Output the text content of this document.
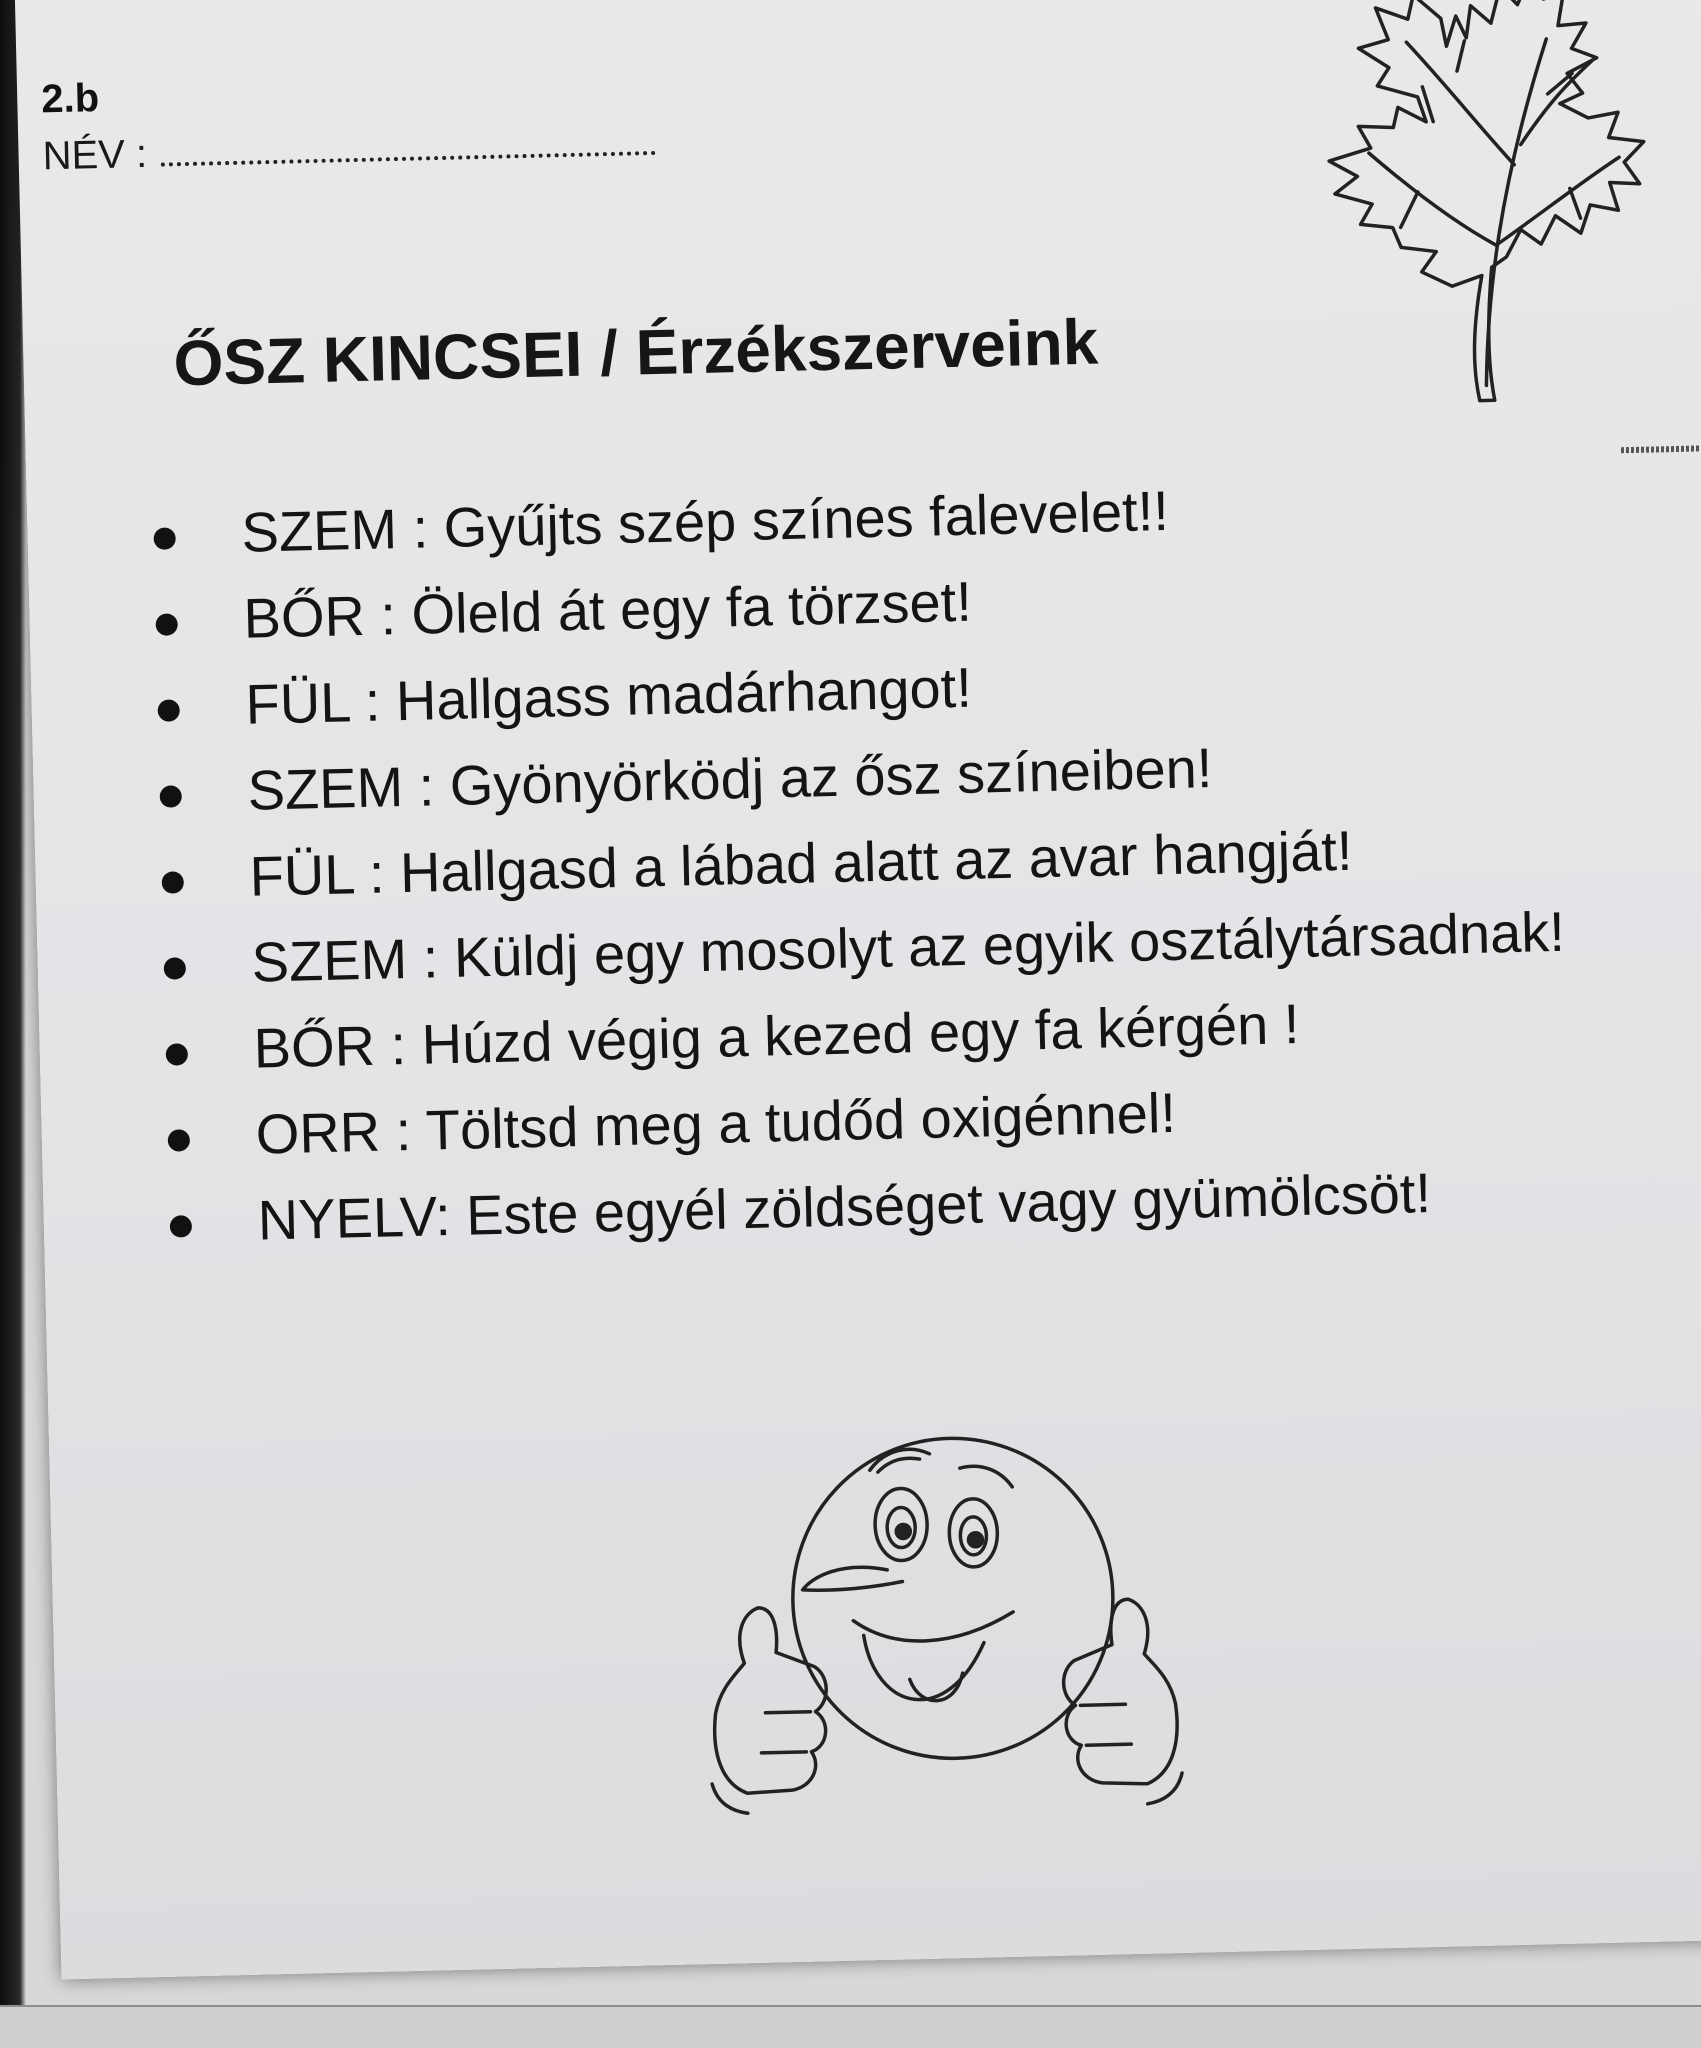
2.b
NÉV :
ŐSZ KINCSEI / Érzékszerveink
SZEM : Gyűjts szép színes falevelet!!
BŐR : Öleld át egy fa törzset!
FÜL : Hallgass madárhangot!
SZEM : Gyönyörködj az ősz színeiben!
FÜL : Hallgasd a lábad alatt az avar hangját!
SZEM : Küldj egy mosolyt az egyik osztálytársadnak!
BŐR : Húzd végig a kezed egy fa kérgén !
ORR : Töltsd meg a tudőd oxigénnel!
NYELV: Este egyél zöldséget vagy gyümölcsöt!
